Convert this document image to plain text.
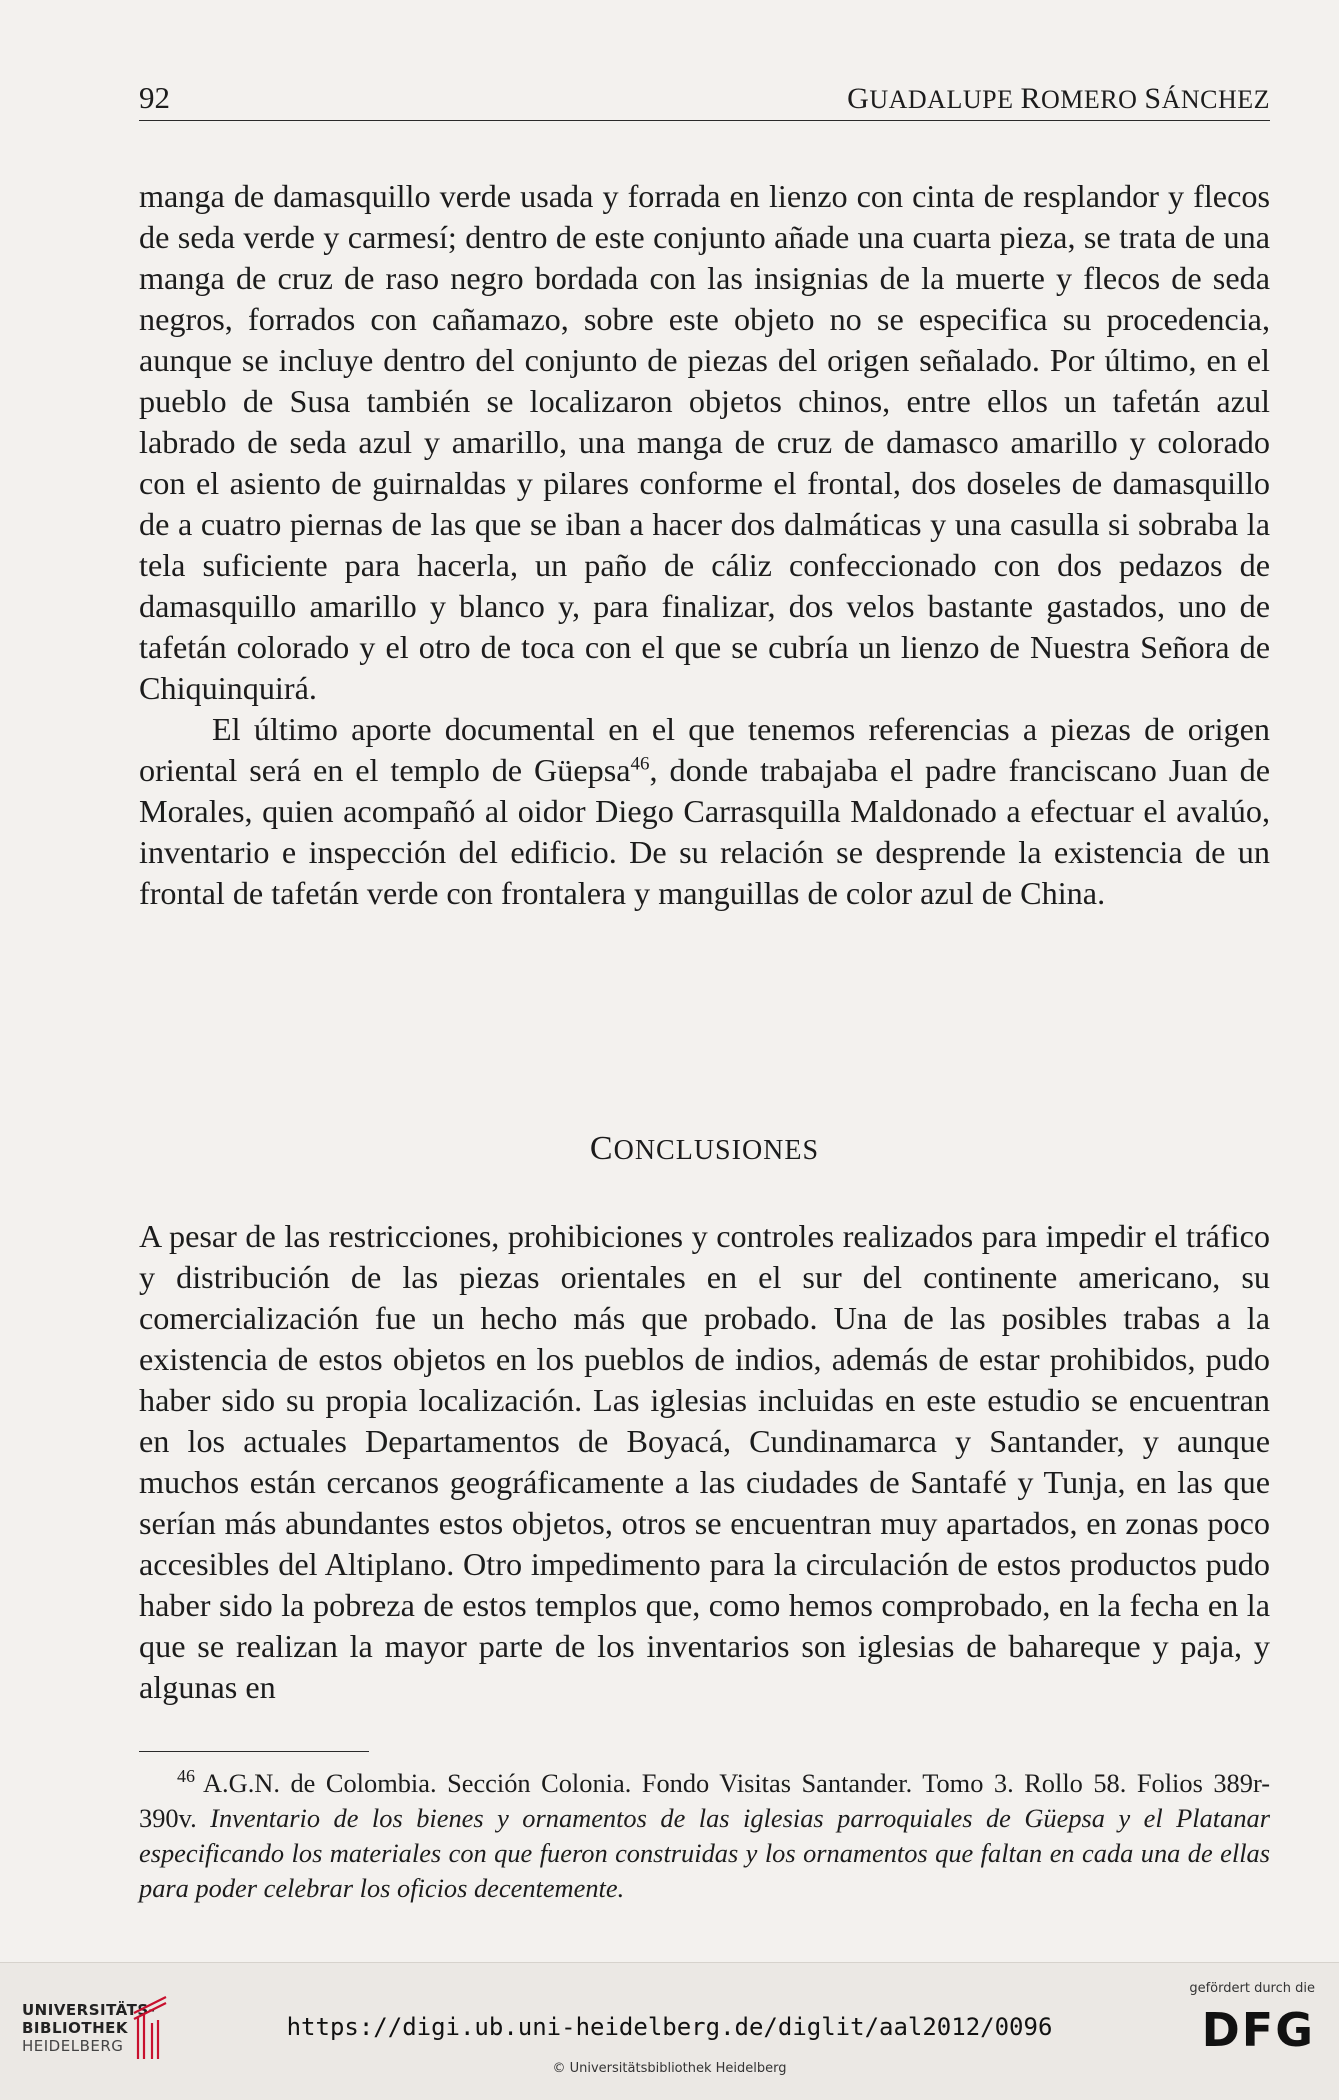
92	GUADALUPE ROMERO SÁNCHEZ

manga de damasquillo verde usada y forrada en lienzo con cinta de resplandor y flecos de seda verde y carmesí; dentro de este conjunto añade una cuarta pieza, se trata de una manga de cruz de raso negro bordada con las insignias de la muerte y flecos de seda negros, forrados con cañamazo, sobre este objeto no se especifica su procedencia, aunque se incluye dentro del conjunto de piezas del origen señalado. Por último, en el pueblo de Susa también se localizaron objetos chinos, entre ellos un tafetán azul labrado de seda azul y amarillo, una manga de cruz de damasco amarillo y colorado con el asiento de guirnaldas y pilares conforme el frontal, dos doseles de damasquillo de a cuatro piernas de las que se iban a hacer dos dalmáticas y una casulla si sobraba la tela suficiente para hacerla, un paño de cáliz confeccionado con dos pedazos de damasquillo amarillo y blanco y, para finalizar, dos velos bastante gastados, uno de tafetán colorado y el otro de toca con el que se cubría un lienzo de Nuestra Señora de Chiquinquirá.

El último aporte documental en el que tenemos referencias a piezas de origen oriental será en el templo de Güepsa$^{46}$, donde trabajaba el padre franciscano Juan de Morales, quien acompañó al oidor Diego Carrasquilla Maldonado a efectuar el avalúo, inventario e inspección del edificio. De su relación se desprende la existencia de un frontal de tafetán verde con frontalera y manguillas de color azul de China.

CONCLUSIONES

A pesar de las restricciones, prohibiciones y controles realizados para impedir el tráfico y distribución de las piezas orientales en el sur del continente americano, su comercialización fue un hecho más que probado. Una de las posibles trabas a la existencia de estos objetos en los pueblos de indios, además de estar prohibidos, pudo haber sido su propia localización. Las iglesias incluidas en este estudio se encuentran en los actuales Departamentos de Boyacá, Cundinamarca y Santander, y aunque muchos están cercanos geográficamente a las ciudades de Santafé y Tunja, en las que serían más abundantes estos objetos, otros se encuentran muy apartados, en zonas poco accesibles del Altiplano. Otro impedimento para la circulación de estos productos pudo haber sido la pobreza de estos templos que, como hemos comprobado, en la fecha en la que se realizan la mayor parte de los inventarios son iglesias de bahareque y paja, y algunas en

$^{46}$ A.G.N. de Colombia. Sección Colonia. Fondo Visitas Santander. Tomo 3. Rollo 58. Folios 389r-390v. Inventario de los bienes y ornamentos de las iglesias parroquiales de Güepsa y el Platanar especificando los materiales con que fueron construidas y los ornamentos que faltan en cada una de ellas para poder celebrar los oficios decentemente.
UNIVERSITÄTS-
BIBLIOTHEK
HEIDELBERG
https://digi.ub.uni-heidelberg.de/diglit/aal2012/0096
© Universitätsbibliothek Heidelberg
gefördert durch die
DFG
